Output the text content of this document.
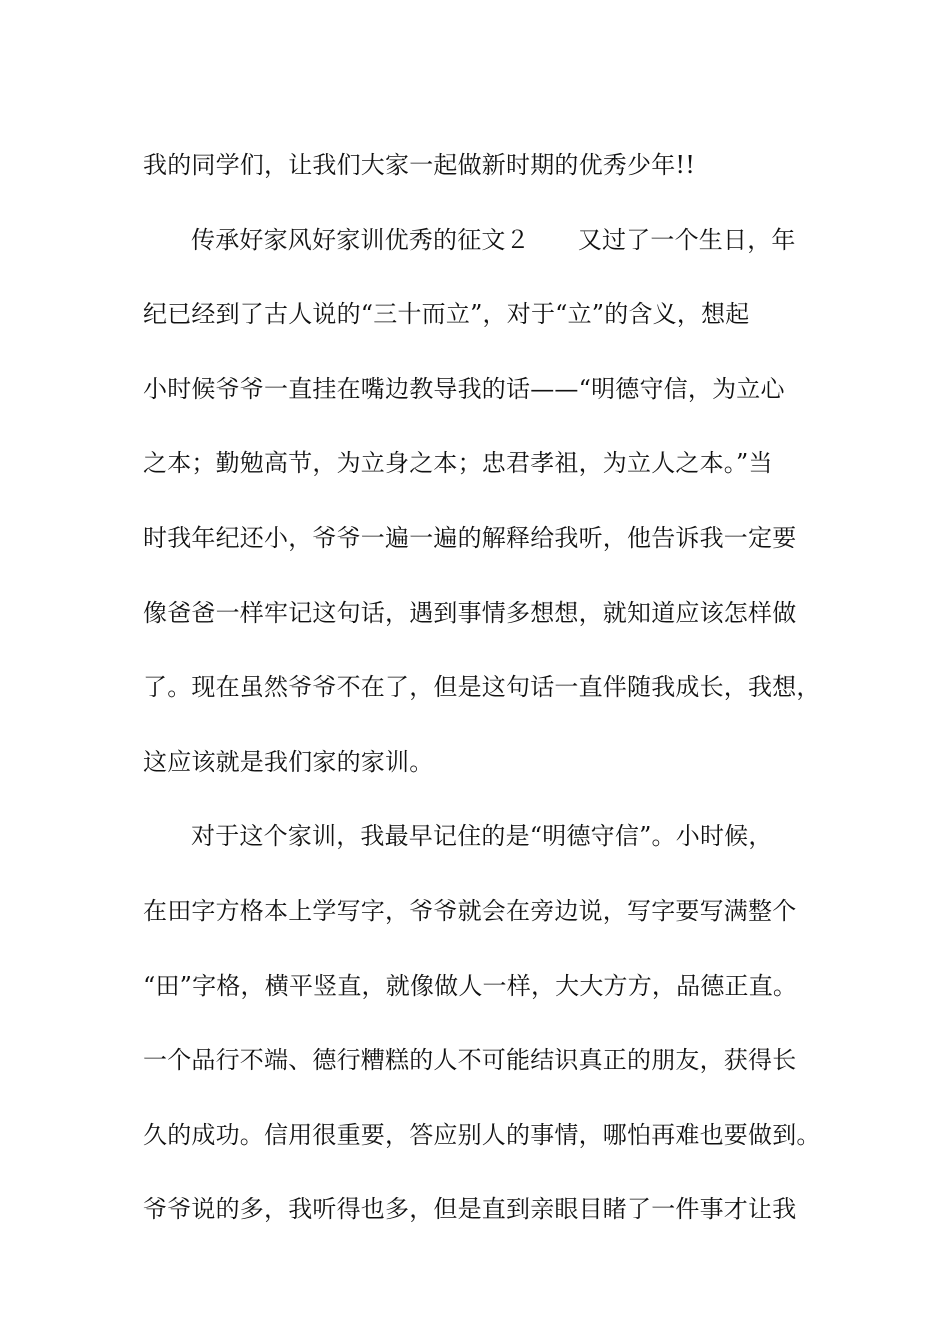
我的同学们，让我们大家一起做新时期的优秀少年!!
传承好家风好家训优秀的征文２ 又过了一个生日，年
纪已经到了古人说的“三十而立”，对于“立”的含义，想起
小时候爷爷一直挂在嘴边教导我的话——“明德守信，为立心
之本；勤勉高节，为立身之本；忠君孝祖，为立人之本。”当
时我年纪还小，爷爷一遍一遍的解释给我听，他告诉我一定要
像爸爸一样牢记这句话，遇到事情多想想，就知道应该怎样做
了。现在虽然爷爷不在了，但是这句话一直伴随我成长，我想，
这应该就是我们家的家训。
对于这个家训，我最早记住的是“明德守信”。小时候，
在田字方格本上学写字，爷爷就会在旁边说，写字要写满整个
“田”字格，横平竖直，就像做人一样，大大方方，品德正直。
一个品行不端、德行糟糕的人不可能结识真正的朋友，获得长
久的成功。信用很重要，答应别人的事情，哪怕再难也要做到。
爷爷说的多，我听得也多，但是直到亲眼目睹了一件事才让我
